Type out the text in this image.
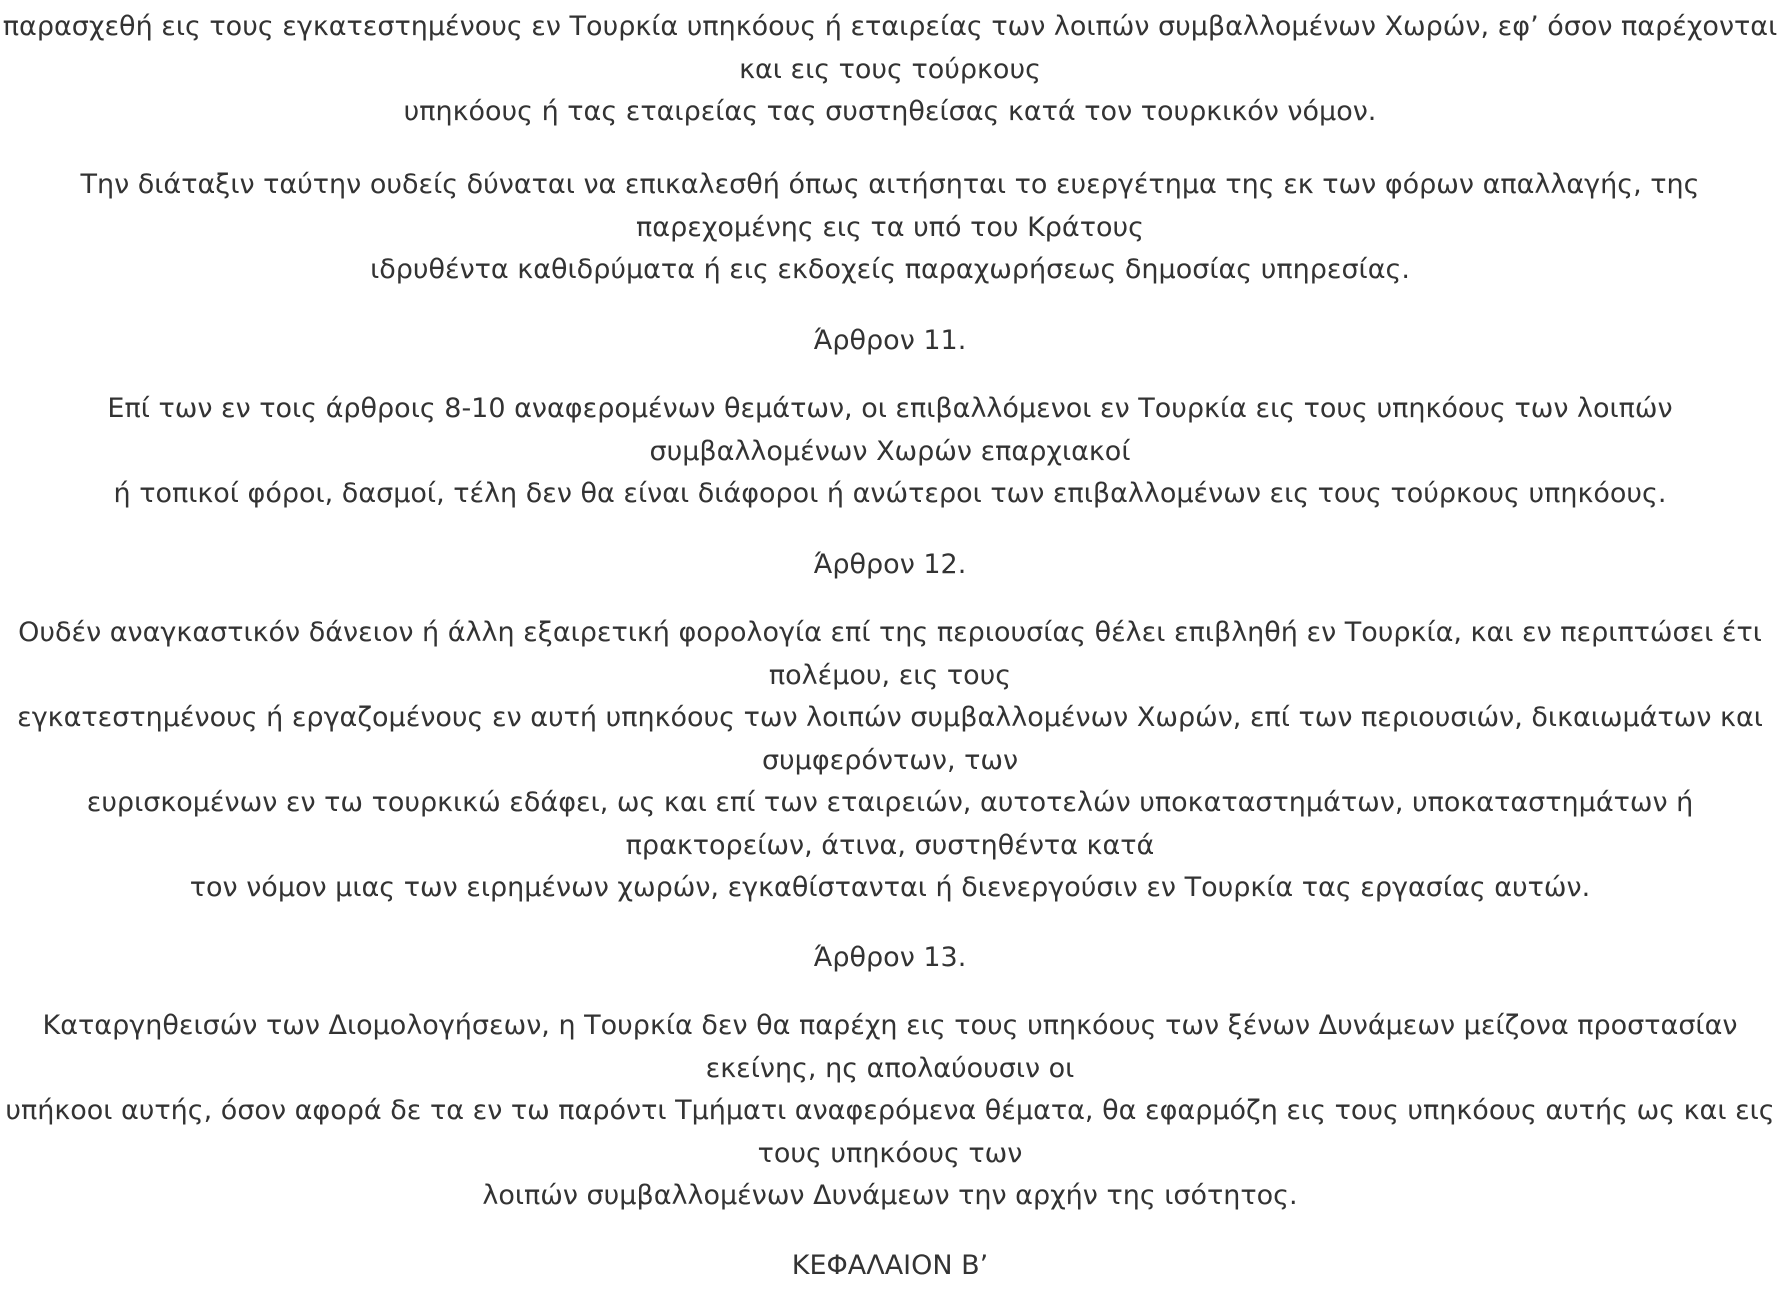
παρασχεθή εις τους εγκατεστημένους εν Τουρκία υπηκόους ή εταιρείας των λοιπών συμβαλλομένων Χωρών, εφ’ όσον παρέχονται
και εις τους τούρκους
υπηκόους ή τας εταιρείας τας συστηθείσας κατά τον τουρκικόν νόμον.

Την διάταξιν ταύτην ουδείς δύναται να επικαλεσθή όπως αιτήσηται το ευεργέτημα της εκ των φόρων απαλλαγής, της
παρεχομένης εις τα υπό του Κράτους
ιδρυθέντα καθιδρύματα ή εις εκδοχείς παραχωρήσεως δημοσίας υπηρεσίας.

Άρθρον 11.

Επί των εν τοις άρθροις 8-10 αναφερομένων θεμάτων, οι επιβαλλόμενοι εν Τουρκία εις τους υπηκόους των λοιπών
συμβαλλομένων Χωρών επαρχιακοί
ή τοπικοί φόροι, δασμοί, τέλη δεν θα είναι διάφοροι ή ανώτεροι των επιβαλλομένων εις τους τούρκους υπηκόους.

Άρθρον 12.

Ουδέν αναγκαστικόν δάνειον ή άλλη εξαιρετική φορολογία επί της περιουσίας θέλει επιβληθή εν Τουρκία, και εν περιπτώσει έτι
πολέμου, εις τους
εγκατεστημένους ή εργαζομένους εν αυτή υπηκόους των λοιπών συμβαλλομένων Χωρών, επί των περιουσιών, δικαιωμάτων και
συμφερόντων, των
ευρισκομένων εν τω τουρκικώ εδάφει, ως και επί των εταιρειών, αυτοτελών υποκαταστημάτων, υποκαταστημάτων ή
πρακτορείων, άτινα, συστηθέντα κατά
τον νόμον μιας των ειρημένων χωρών, εγκαθίστανται ή διενεργούσιν εν Τουρκία τας εργασίας αυτών.

Άρθρον 13.

Καταργηθεισών των Διομολογήσεων, η Τουρκία δεν θα παρέχη εις τους υπηκόους των ξένων Δυνάμεων μείζονα προστασίαν
εκείνης, ης απολαύουσιν οι
υπήκοοι αυτής, όσον αφορά δε τα εν τω παρόντι Τμήματι αναφερόμενα θέματα, θα εφαρμόζη εις τους υπηκόους αυτής ως και εις
τους υπηκόους των
λοιπών συμβαλλομένων Δυνάμεων την αρχήν της ισότητος.

ΚΕΦΑΛΑΙΟΝ Β’
